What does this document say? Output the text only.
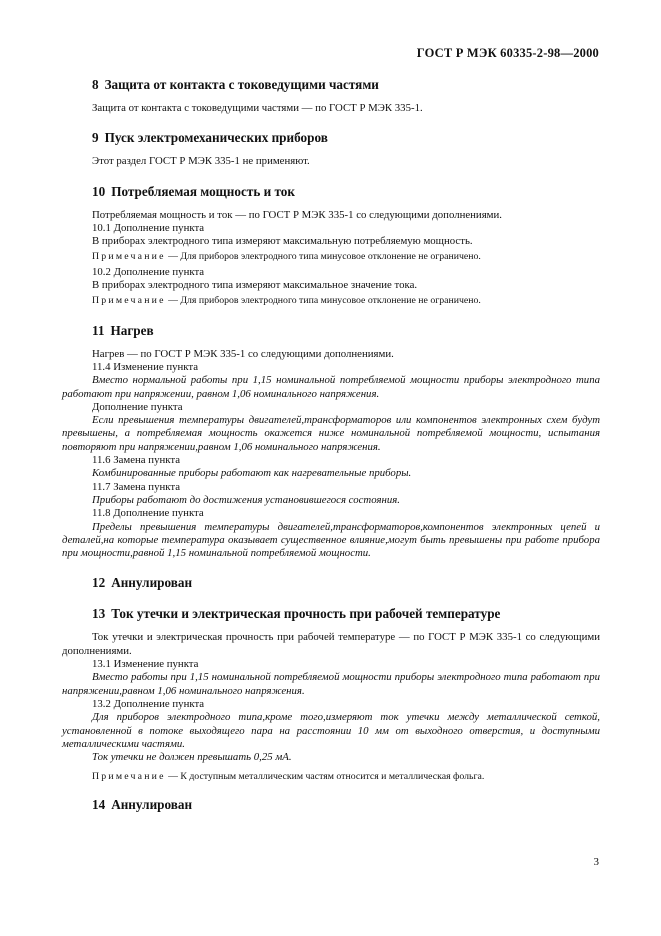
ГОСТ Р МЭК 60335-2-98—2000
8 Защита от контакта с токоведущими частями

Защита от контакта с токоведущими частями — по ГОСТ Р МЭК 335-1.

9 Пуск электромеханических приборов

Этот раздел ГОСТ Р МЭК 335-1 не применяют.

10 Потребляемая мощность и ток

Потребляемая мощность и ток — по ГОСТ Р МЭК 335-1 со следующими дополнениями.

10.1 Дополнение пункта

В приборах электродного типа измеряют максимальную потребляемую мощность.

Примечание — Для приборов электродного типа минусовое отклонение не ограничено.

10.2 Дополнение пункта

В приборах электродного типа измеряют максимальное значение тока.

Примечание — Для приборов электродного типа минусовое отклонение не ограничено.

11 Нагрев

Нагрев — по ГОСТ Р МЭК 335-1 со следующими дополнениями.

11.4 Изменение пункта

Вместо нормальной работы при 1,15 номинальной потребляемой мощности приборы электродного типа работают при напряжении, равном 1,06 номинального напряжения.

Дополнение пункта

Если превышения температуры двигателей,трансформаторов или компонентов электронных схем будут превышены, а потребляемая мощность окажется ниже номинальной потребляемой мощности, испытания повторяют при напряжении,равном 1,06 номинального напряжения.

11.6 Замена пункта

Комбинированные приборы работают как нагревательные приборы.

11.7 Замена пункта

Приборы работают до достижения установившегося состояния.

11.8 Дополнение пункта

Пределы превышения температуры двигателей,трансформаторов,компонентов электронных цепей и деталей,на которые температура оказывает существенное влияние,могут быть превышены при работе прибора при мощности,равной 1,15 номинальной потребляемой мощности.

12 Аннулирован
13 Ток утечки и электрическая прочность при рабочей температуре

Ток утечки и электрическая прочность при рабочей температуре — по ГОСТ Р МЭК 335-1 со следующими дополнениями.

13.1 Изменение пункта

Вместо работы при 1,15 номинальной потребляемой мощности приборы электродного типа работают при напряжении,равном 1,06 номинального напряжения.

13.2 Дополнение пункта

Для приборов электродного типа,кроме того,измеряют ток утечки между металлической сеткой, установленной в потоке выходящего пара на расстоянии 10 мм от выходного отверстия, и доступными металлическими частями.

Ток утечки не должен превышать 0,25 мА.

Примечание — К доступным металлическим частям относится и металлическая фольга.

14 Аннулирован
3
